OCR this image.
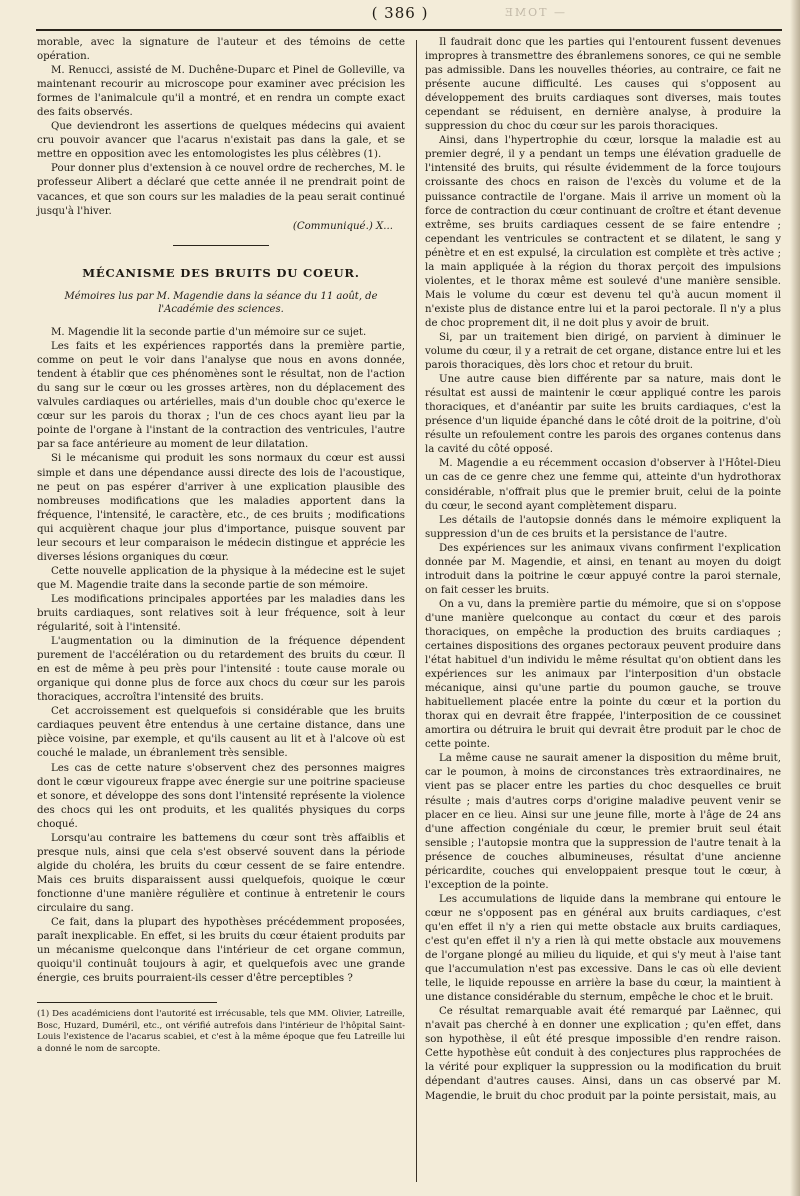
( 386 )	— TOME

morable, avec la signature de l'auteur et des témoins de cette opération.

M. Renucci, assisté de M. Duchêne-Duparc et Pinel de Golleville, va maintenant recourir au microscope pour examiner avec précision les formes de l'animalcule qu'il a montré, et en rendra un compte exact des faits observés.

Que deviendront les assertions de quelques médecins qui avaient cru pouvoir avancer que l'acarus n'existait pas dans la gale, et se mettre en opposition avec les entomologistes les plus célèbres (1).

Pour donner plus d'extension à ce nouvel ordre de recherches, M. le professeur Alibert a déclaré que cette année il ne prendrait point de vacances, et que son cours sur les maladies de la peau serait continué jusqu'à l'hiver.

(Communiqué.) X...
MÉCANISME DES BRUITS DU COEUR.
Mémoires lus par M. Magendie dans la séance du 11 août, de l'Académie des sciences.

M. Magendie lit la seconde partie d'un mémoire sur ce sujet.

Les faits et les expériences rapportés dans la première partie, comme on peut le voir dans l'analyse que nous en avons donnée, tendent à établir que ces phénomènes sont le résultat, non de l'action du sang sur le cœur ou les grosses artères, non du déplacement des valvules cardiaques ou artérielles, mais d'un double choc qu'exerce le cœur sur les parois du thorax ; l'un de ces chocs ayant lieu par la pointe de l'organe à l'instant de la contraction des ventricules, l'autre par sa face antérieure au moment de leur dilatation.

Si le mécanisme qui produit les sons normaux du cœur est aussi simple et dans une dépendance aussi directe des lois de l'acoustique, ne peut on pas espérer d'arriver à une explication plausible des nombreuses modifications que les maladies apportent dans la fréquence, l'intensité, le caractère, etc., de ces bruits ; modifications qui acquièrent chaque jour plus d'importance, puisque souvent par leur secours et leur comparaison le médecin distingue et apprécie les diverses lésions organiques du cœur.

Cette nouvelle application de la physique à la médecine est le sujet que M. Magendie traite dans la seconde partie de son mémoire.

Les modifications principales apportées par les maladies dans les bruits cardiaques, sont relatives soit à leur fréquence, soit à leur régularité, soit à l'intensité.

L'augmentation ou la diminution de la fréquence dépendent purement de l'accélération ou du retardement des bruits du cœur. Il en est de même à peu près pour l'intensité : toute cause morale ou organique qui donne plus de force aux chocs du cœur sur les parois thoraciques, accroîtra l'intensité des bruits.

Cet accroissement est quelquefois si considérable que les bruits cardiaques peuvent être entendus à une certaine distance, dans une pièce voisine, par exemple, et qu'ils causent au lit et à l'alcove où est couché le malade, un ébranlement très sensible.

Les cas de cette nature s'observent chez des personnes maigres dont le cœur vigoureux frappe avec énergie sur une poitrine spacieuse et sonore, et développe des sons dont l'intensité représente la violence des chocs qui les ont produits, et les qualités physiques du corps choqué.

Lorsqu'au contraire les battemens du cœur sont très affaiblis et presque nuls, ainsi que cela s'est observé souvent dans la période algide du choléra, les bruits du cœur cessent de se faire entendre. Mais ces bruits disparaissent aussi quelquefois, quoique le cœur fonctionne d'une manière régulière et continue à entretenir le cours circulaire du sang.

Ce fait, dans la plupart des hypothèses précédemment proposées, paraît inexplicable. En effet, si les bruits du cœur étaient produits par un mécanisme quelconque dans l'intérieur de cet organe commun, quoiqu'il continuât toujours à agir, et quelquefois avec une grande énergie, ces bruits pourraient-ils cesser d'être perceptibles ?

(1) Des académiciens dont l'autorité est irrécusable, tels que MM. Olivier, Latreille, Bosc, Huzard, Duméril, etc., ont vérifié autrefois dans l'intérieur de l'hôpital Saint-Louis l'existence de l'acarus scabiei, et c'est à la même époque que feu Latreille lui a donné le nom de sarcopte.

Il faudrait donc que les parties qui l'entourent fussent devenues impropres à transmettre des ébranlemens sonores, ce qui ne semble pas admissible. Dans les nouvelles théories, au contraire, ce fait ne présente aucune difficulté. Les causes qui s'opposent au développement des bruits cardiaques sont diverses, mais toutes cependant se réduisent, en dernière analyse, à produire la suppression du choc du cœur sur les parois thoraciques.

Ainsi, dans l'hypertrophie du cœur, lorsque la maladie est au premier degré, il y a pendant un temps une élévation graduelle de l'intensité des bruits, qui résulte évidemment de la force toujours croissante des chocs en raison de l'excès du volume et de la puissance contractile de l'organe. Mais il arrive un moment où la force de contraction du cœur continuant de croître et étant devenue extrême, ses bruits cardiaques cessent de se faire entendre ; cependant les ventricules se contractent et se dilatent, le sang y pénètre et en est expulsé, la circulation est complète et très active ; la main appliquée à la région du thorax perçoit des impulsions violentes, et le thorax même est soulevé d'une manière sensible. Mais le volume du cœur est devenu tel qu'à aucun moment il n'existe plus de distance entre lui et la paroi pectorale. Il n'y a plus de choc proprement dit, il ne doit plus y avoir de bruit.

Si, par un traitement bien dirigé, on parvient à diminuer le volume du cœur, il y a retrait de cet organe, distance entre lui et les parois thoraciques, dès lors choc et retour du bruit.

Une autre cause bien différente par sa nature, mais dont le résultat est aussi de maintenir le cœur appliqué contre les parois thoraciques, et d'anéantir par suite les bruits cardiaques, c'est la présence d'un liquide épanché dans le côté droit de la poitrine, d'où résulte un refoulement contre les parois des organes contenus dans la cavité du côté opposé.

M. Magendie a eu récemment occasion d'observer à l'Hôtel-Dieu un cas de ce genre chez une femme qui, atteinte d'un hydrothorax considérable, n'offrait plus que le premier bruit, celui de la pointe du cœur, le second ayant complètement disparu.

Les détails de l'autopsie donnés dans le mémoire expliquent la suppression d'un de ces bruits et la persistance de l'autre.

Des expériences sur les animaux vivans confirment l'explication donnée par M. Magendie, et ainsi, en tenant au moyen du doigt introduit dans la poitrine le cœur appuyé contre la paroi sternale, on fait cesser les bruits.

On a vu, dans la première partie du mémoire, que si on s'oppose d'une manière quelconque au contact du cœur et des parois thoraciques, on empêche la production des bruits cardiaques ; certaines dispositions des organes pectoraux peuvent produire dans l'état habituel d'un individu le même résultat qu'on obtient dans les expériences sur les animaux par l'interposition d'un obstacle mécanique, ainsi qu'une partie du poumon gauche, se trouve habituellement placée entre la pointe du cœur et la portion du thorax qui en devrait être frappée, l'interposition de ce coussinet amortira ou détruira le bruit qui devrait être produit par le choc de cette pointe.

La même cause ne saurait amener la disposition du même bruit, car le poumon, à moins de circonstances très extraordinaires, ne vient pas se placer entre les parties du choc desquelles ce bruit résulte ; mais d'autres corps d'origine maladive peuvent venir se placer en ce lieu. Ainsi sur une jeune fille, morte à l'âge de 24 ans d'une affection congéniale du cœur, le premier bruit seul était sensible ; l'autopsie montra que la suppression de l'autre tenait à la présence de couches albumineuses, résultat d'une ancienne péricardite, couches qui enveloppaient presque tout le cœur, à l'exception de la pointe.

Les accumulations de liquide dans la membrane qui entoure le cœur ne s'opposent pas en général aux bruits cardiaques, c'est qu'en effet il n'y a rien qui mette obstacle aux bruits cardiaques, c'est qu'en effet il n'y a rien là qui mette obstacle aux mouvemens de l'organe plongé au milieu du liquide, et qui s'y meut à l'aise tant que l'accumulation n'est pas excessive. Dans le cas où elle devient telle, le liquide repousse en arrière la base du cœur, la maintient à une distance considérable du sternum, empêche le choc et le bruit.

Ce résultat remarquable avait été remarqué par Laënnec, qui n'avait pas cherché à en donner une explication ; qu'en effet, dans son hypothèse, il eût été presque impossible d'en rendre raison. Cette hypothèse eût conduit à des conjectures plus rapprochées de la vérité pour expliquer la suppression ou la modification du bruit dépendant d'autres causes. Ainsi, dans un cas observé par M. Magendie, le bruit du choc produit par la pointe persistait, mais, au
